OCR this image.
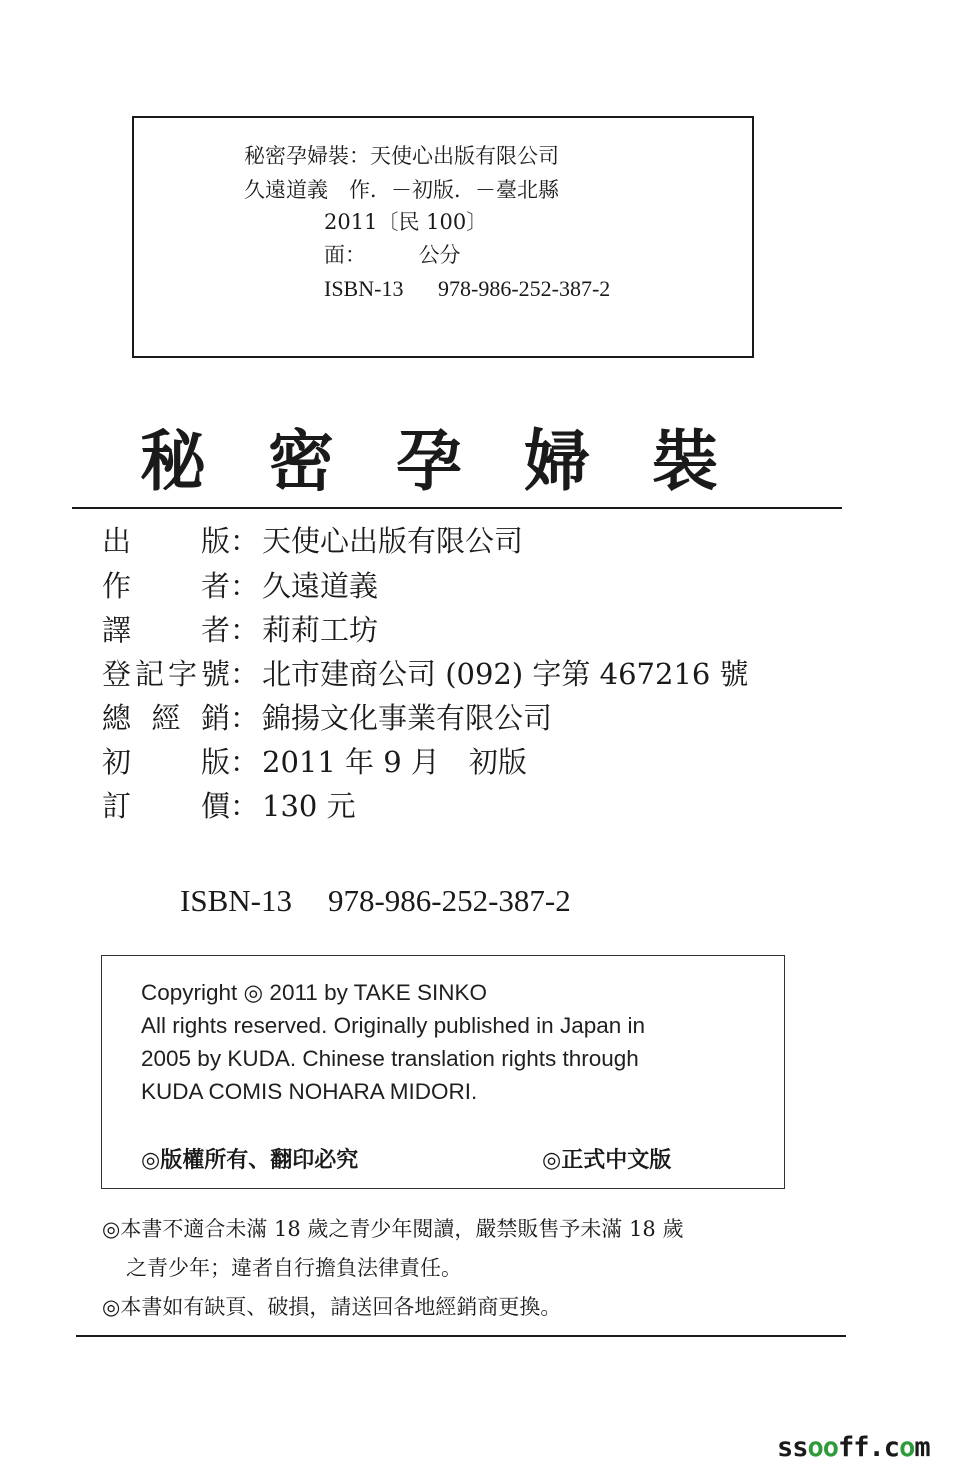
秘密孕婦裝：天使心出版有限公司
久遠道義　作．－初版．－臺北縣
2011〔民 100〕
面：　　　公分
ISBN-13 978-986-252-387-2
秘密孕婦裝
出 版 ： 天使心出版有限公司
作 者 ： 久遠道義
譯 者 ： 莉莉工坊
登 記 字 號 ： 北市建商公司 (092) 字第 467216 號
總 經 銷 ： 錦揚文化事業有限公司
初 版 ： 2011 年 9 月　初版
訂 價 ： 130 元
ISBN-13 978-986-252-387-2
Copyright ◎ 2011 by TAKE SINKO
All rights reserved. Originally published in Japan in
2005 by KUDA. Chinese translation rights through
KUDA COMIS NOHARA MIDORI.
◎版權所有、翻印必究	◎正式中文版
◎本書不適合未滿 18 歲之青少年閱讀，嚴禁販售予未滿 18 歲
之青少年；違者自行擔負法律責任。
◎本書如有缺頁、破損，請送回各地經銷商更換。
ssooff.com
